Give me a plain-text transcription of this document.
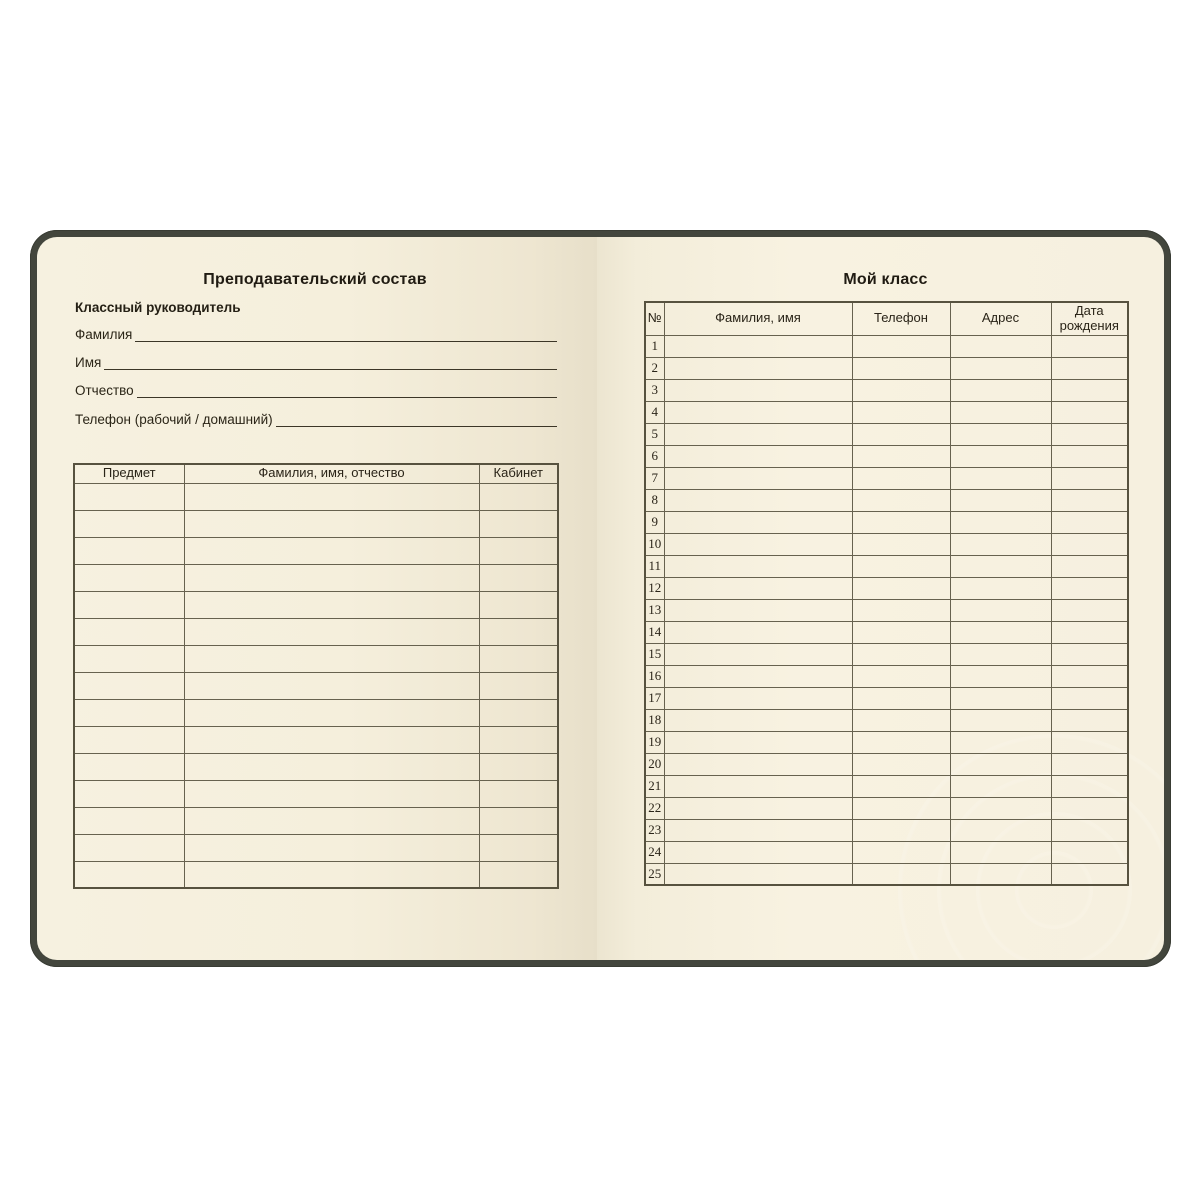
Преподавательский состав
Классный руководитель
Фамилия
Имя
Отчество
Телефон (рабочий / домашний)
Предмет	Фамилия, имя, отчество	Кабинет

Мой класс
№	Фамилия, имя	Телефон	Адрес	Дата рождения
1				
2				
3				
4				
5				
6				
7				
8				
9				
10				
11				
12				
13				
14				
15				
16				
17				
18				
19				
20				
21				
22				
23				
24				
25				
